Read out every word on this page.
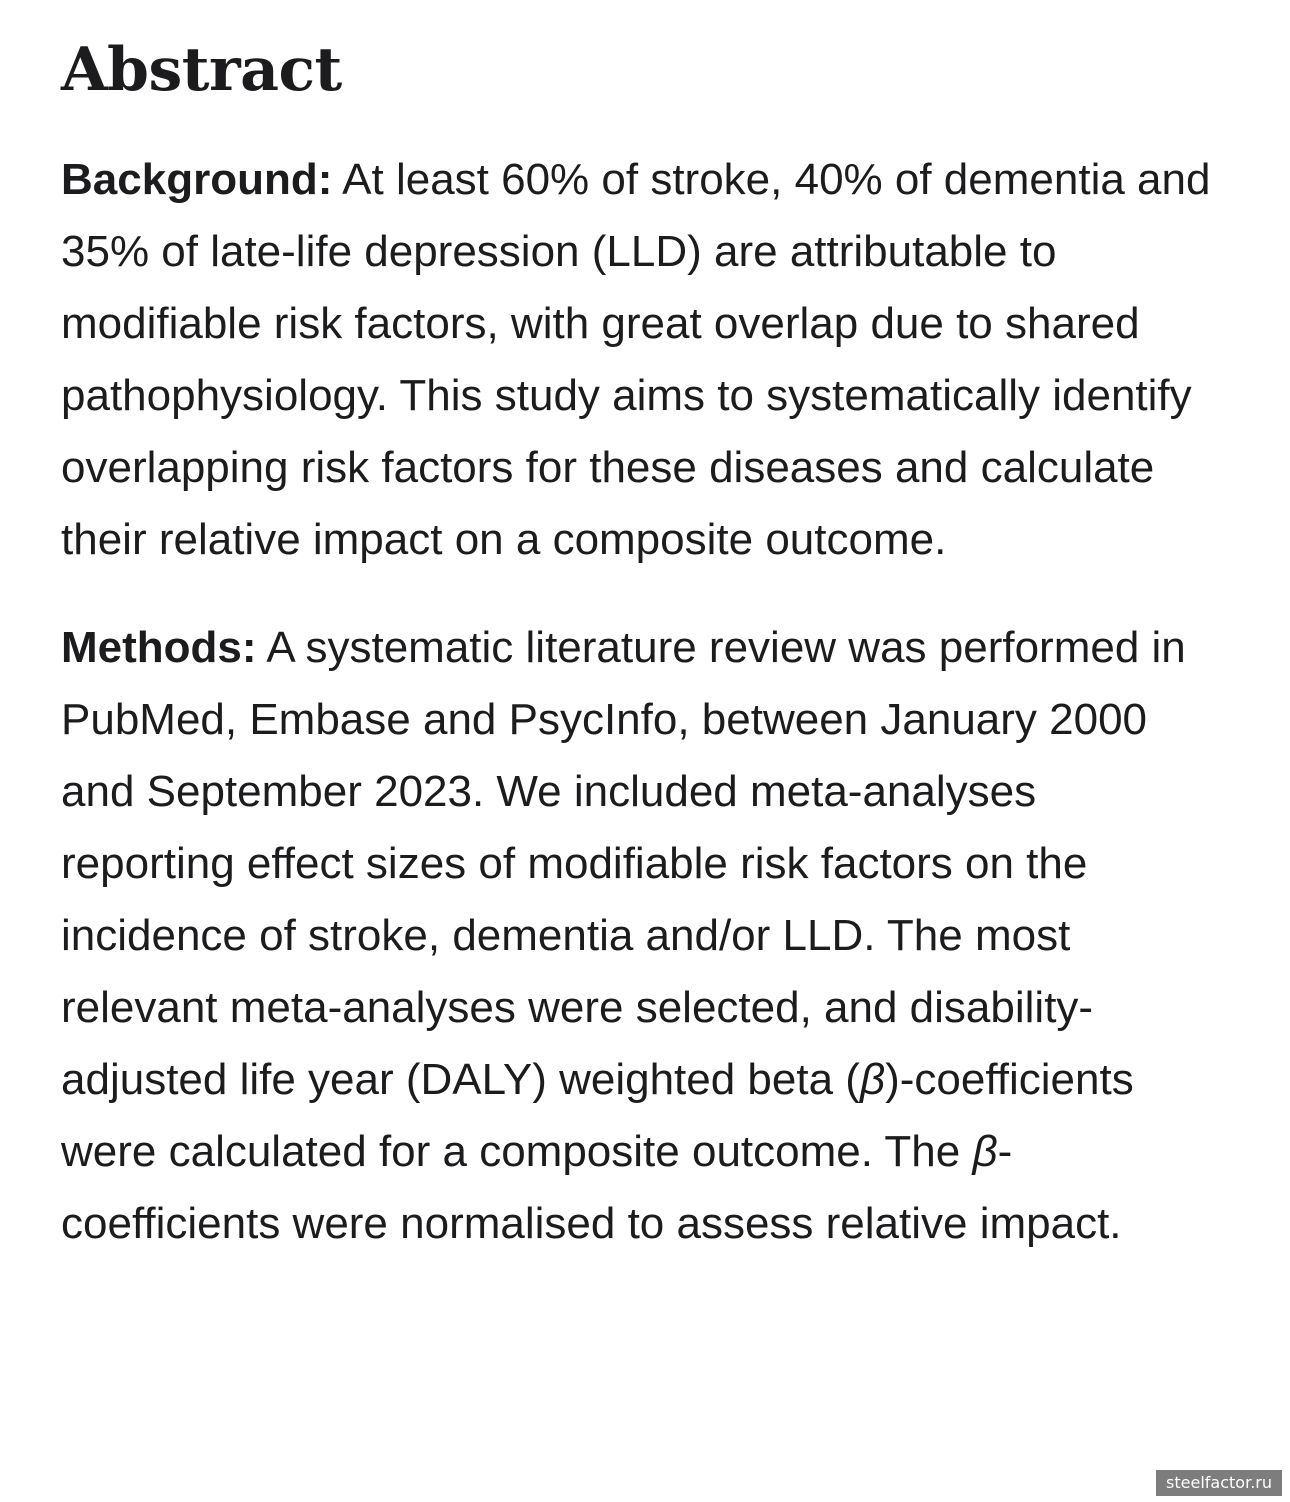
Abstract

Background: At least 60% of stroke, 40% of dementia and 35% of late-life depression (LLD) are attributable to modifiable risk factors, with great overlap due to shared pathophysiology. This study aims to systematically identify overlapping risk factors for these diseases and calculate their relative impact on a composite outcome.

Methods: A systematic literature review was performed in PubMed, Embase and PsycInfo, between January 2000 and September 2023. We included meta-analyses reporting effect sizes of modifiable risk factors on the incidence of stroke, dementia and/or LLD. The most relevant meta-analyses were selected, and disability-adjusted life year (DALY) weighted beta (β)-coefficients were calculated for a composite outcome. The β-coefficients were normalised to assess relative impact.

steelfactor.ru
